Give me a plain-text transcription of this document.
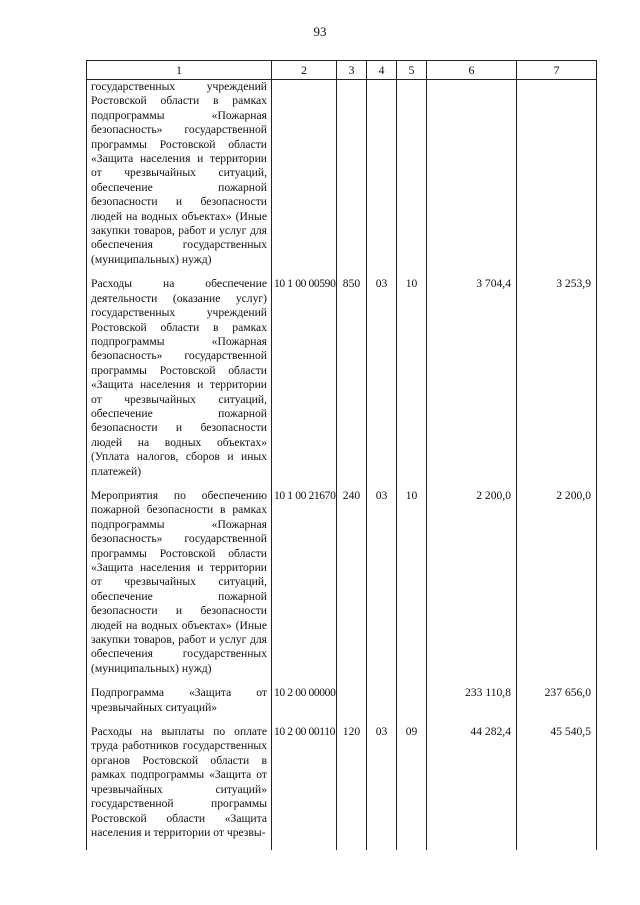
93
1	2	3	4	5	6	7
государственных учреждений Ростовской области в рамках подпрограммы «Пожарная безопасность» государственной программы Ростовской области «Защита населения и территории от чрезвычайных ситуаций, обеспечение пожарной безопасности и безопасности людей на водных объектах» (Иные закупки товаров, работ и услуг для обеспечения государственных (муниципальных) нужд)						
Расходы на обеспечение деятельности (оказание услуг) государственных учреждений Ростовской области в рамках подпрограммы «Пожарная безопасность» государственной программы Ростовской области «Защита населения и территории от чрезвычайных ситуаций, обеспечение пожарной безопасности и безопасности людей на водных объектах» (Уплата налогов, сборов и иных платежей)	10 1 00 00590	850	03	10	3 704,4	3 253,9
Мероприятия по обеспечению пожарной безопасности в рамках подпрограммы «Пожарная безопасность» государственной программы Ростовской области «Защита населения и территории от чрезвычайных ситуаций, обеспечение пожарной безопасности и безопасности людей на водных объектах» (Иные закупки товаров, работ и услуг для обеспечения государственных (муниципальных) нужд)	10 1 00 21670	240	03	10	2 200,0	2 200,0
Подпрограмма «Защита от чрезвычайных ситуаций»	10 2 00 00000				233 110,8	237 656,0
Расходы на выплаты по оплате труда работников государственных органов Ростовской области в рамках подпрограммы «Защита от чрезвычайных ситуаций» государственной программы Ростовской области «Защита населения и территории от чрезвы-	10 2 00 00110	120	03	09	44 282,4	45 540,5
